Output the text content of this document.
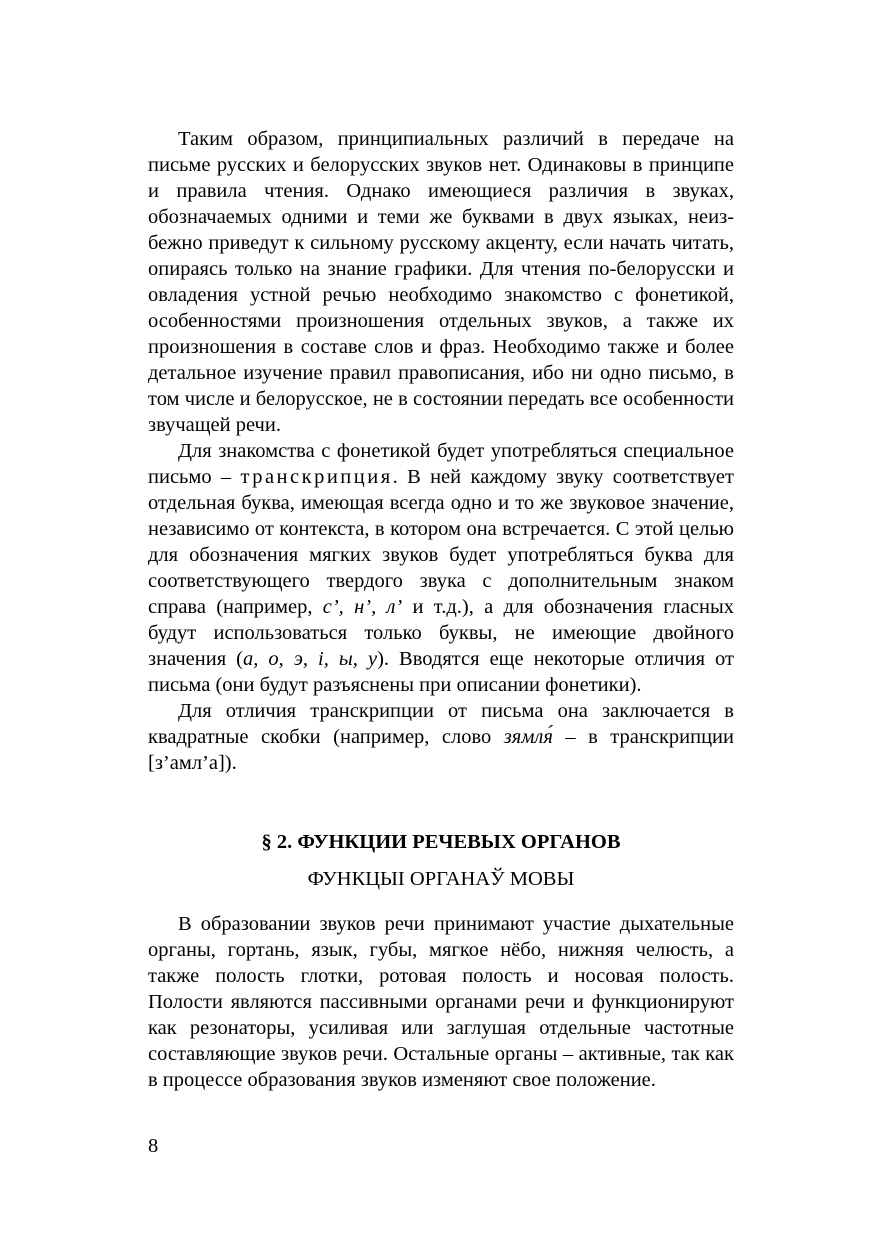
Таким образом, принципиальных различий в передаче на письме русских и белорусских звуков нет. Одинаковы в принципе и правила чтения. Однако имеющиеся различия в звуках, обозначаемых одними и теми же буквами в двух языках, неизбежно приведут к сильному русскому акценту, если начать читать, опираясь только на знание графики. Для чтения по-белорусски и овладения устной речью необходимо знакомство с фонетикой, особенностями произношения отдельных звуков, а также их произношения в составе слов и фраз. Необходимо также и более детальное изучение правил правописания, ибо ни одно письмо, в том числе и белорусское, не в состоянии передать все особенности звучащей речи.

Для знакомства с фонетикой будет употребляться специальное письмо – транскрипция. В ней каждому звуку соответствует отдельная буква, имеющая всегда одно и то же звуковое значение, независимо от контекста, в котором она встречается. С этой целью для обозначения мягких звуков будет употребляться буква для соответствующего твердого звука с дополнительным знаком справа (например, с’, н’, л’ и т.д.), а для обозначения гласных будут использоваться только буквы, не имеющие двойного значения (а, о, э, і, ы, у). Вводятся еще некоторые отличия от письма (они будут разъяснены при описании фонетики).

Для отличия транскрипции от письма она заключается в квадратные скобки (например, слово зямля́ – в транскрипции [з’амл’а]).

§ 2. ФУНКЦИИ РЕЧЕВЫХ ОРГАНОВ
ФУНКЦЫІ ОРГАНАЎ МОВЫ

В образовании звуков речи принимают участие дыхательные органы, гортань, язык, губы, мягкое нёбо, нижняя челюсть, а также полость глотки, ротовая полость и носовая полость. Полости являются пассивными органами речи и функционируют как резонаторы, усиливая или заглушая отдельные частотные составляющие звуков речи. Остальные органы – активные, так как в процессе образования звуков изменяют свое положение.

8
